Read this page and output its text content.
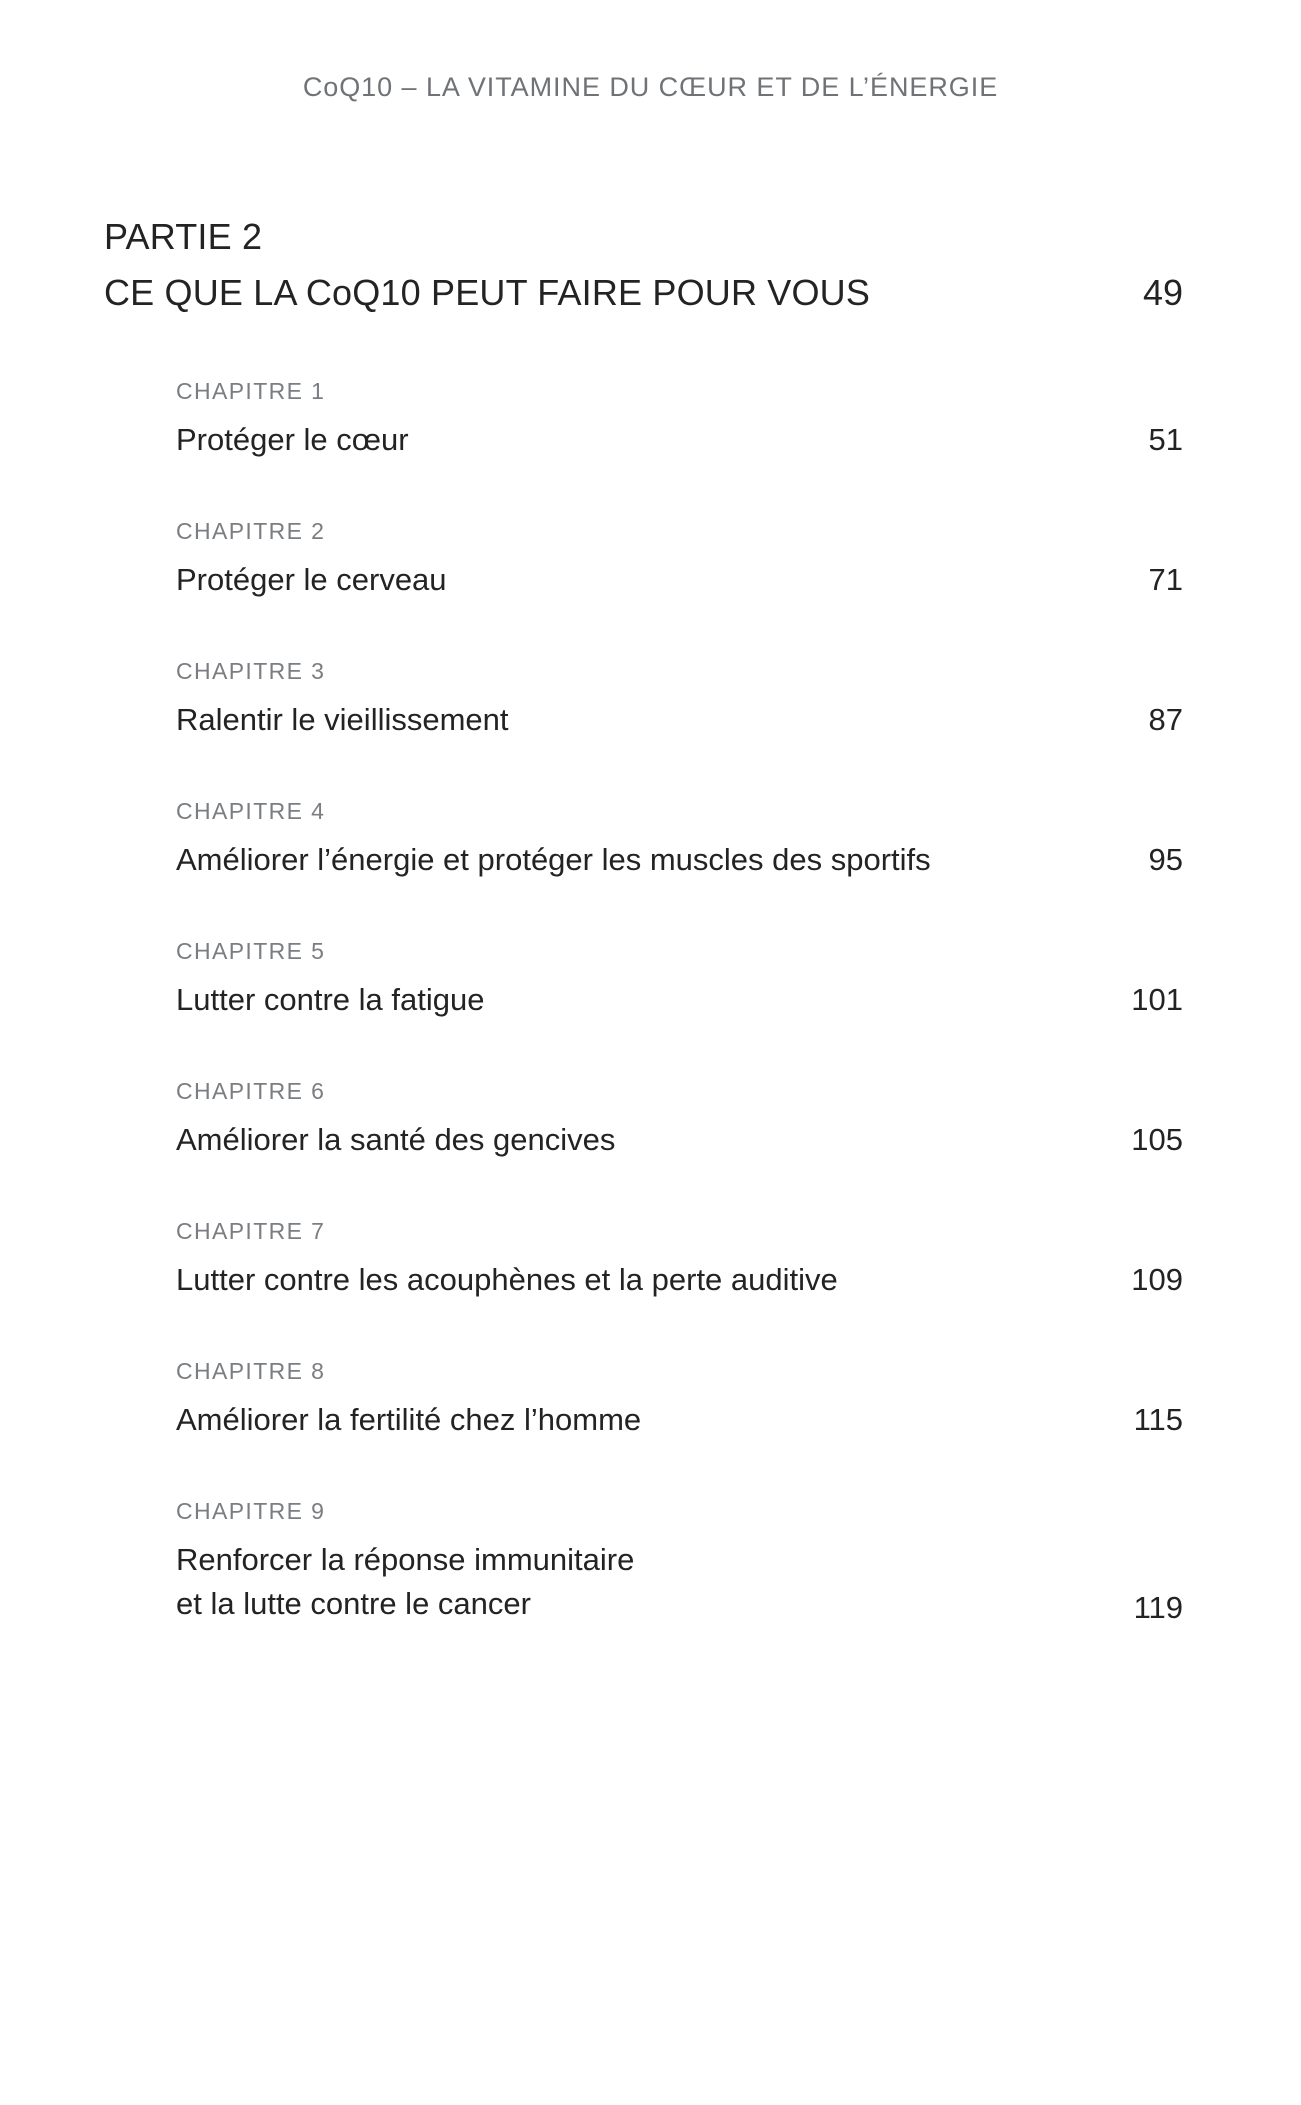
CoQ10 – LA VITAMINE DU CŒUR ET DE L’ÉNERGIE
PARTIE 2
CE QUE LA CoQ10 PEUT FAIRE POUR VOUS	49
CHAPITRE 1
Protéger le cœur	51
CHAPITRE 2
Protéger le cerveau	71
CHAPITRE 3
Ralentir le vieillissement	87
CHAPITRE 4
Améliorer l’énergie et protéger les muscles des sportifs	95
CHAPITRE 5
Lutter contre la fatigue	101
CHAPITRE 6
Améliorer la santé des gencives	105
CHAPITRE 7
Lutter contre les acouphènes et la perte auditive	109
CHAPITRE 8
Améliorer la fertilité chez l’homme	115
CHAPITRE 9
Renforcer la réponse immunitaire
et la lutte contre le cancer	119
